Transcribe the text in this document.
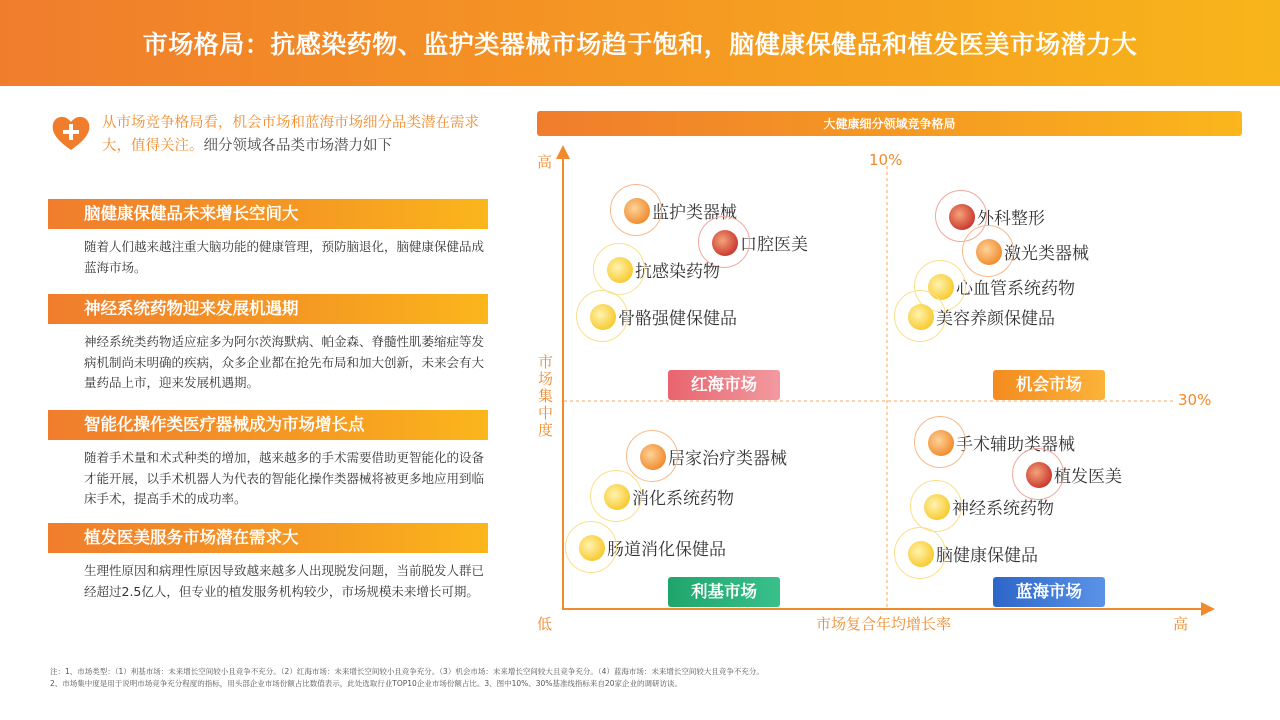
市场格局：抗感染药物、监护类器械市场趋于饱和，脑健康保健品和植发医美市场潜力大
从市场竞争格局看，机会市场和蓝海市场细分品类潜在需求大，值得关注。细分领域各品类市场潜力如下
脑健康保健品未来增长空间大
随着人们越来越注重大脑功能的健康管理，预防脑退化，脑健康保健品成蓝海市场。
神经系统药物迎来发展机遇期
神经系统类药物适应症多为阿尔茨海默病、帕金森、脊髓性肌萎缩症等发病机制尚未明确的疾病，众多企业都在抢先布局和加大创新，未来会有大量药品上市，迎来发展机遇期。
智能化操作类医疗器械成为市场增长点
随着手术量和术式种类的增加，越来越多的手术需要借助更智能化的设备才能开展，以手术机器人为代表的智能化操作类器械将被更多地应用到临床手术，提高手术的成功率。
植发医美服务市场潜在需求大
生理性原因和病理性原因导致越来越多人出现脱发问题，当前脱发人群已经超过2.5亿人，但专业的植发服务机构较少，市场规模未来增长可期。
大健康细分领域竞争格局
高
低	高
市场集中度
市场复合年均增长率
10%
30%
红海市场	机会市场
利基市场	蓝海市场
监护类器械
口腔医美
抗感染药物
骨骼强健保健品
外科整形
激光类器械
心血管系统药物
美容养颜保健品
居家治疗类器械
消化系统药物
肠道消化保健品
手术辅助类器械
植发医美
神经系统药物
脑健康保健品
注：1、市场类型：（1）利基市场：未来增长空间较小且竞争不充分。（2）红海市场：未来增长空间较小且竞争充分。（3）机会市场：未来增长空间较大且竞争充分。（4）蓝海市场：未来增长空间较大且竞争不充分。
2、市场集中度是用于说明市场竞争充分程度的指标，用头部企业市场份额占比数值表示，此处选取行业TOP10企业市场份额占比。3、图中10%、30%基准线指标来自20家企业的调研访谈。
